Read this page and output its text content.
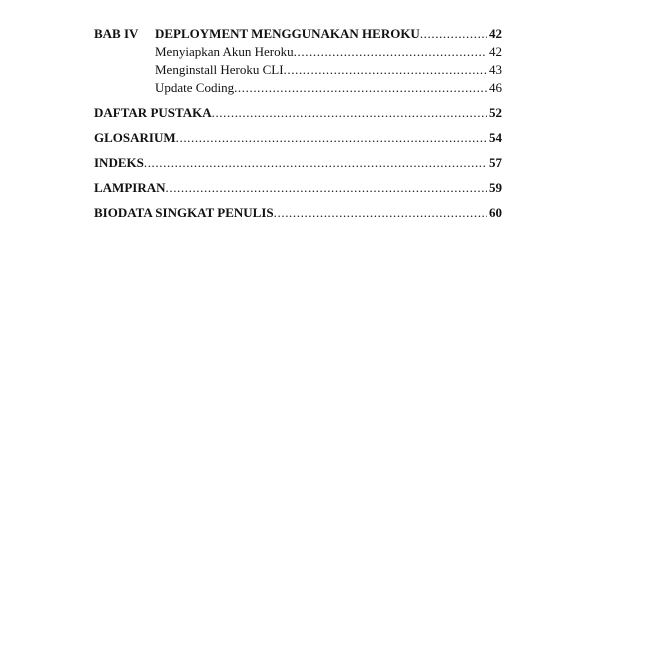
BAB IV	DEPLOYMENT MENGGUNAKAN HEROKU .....	42
Menyiapkan Akun Heroku .....	42
Menginstall Heroku CLI .....	43
Update Coding .....	46
DAFTAR PUSTAKA .....	52
GLOSARIUM .....	54
INDEKS .....	57
LAMPIRAN .....	59
BIODATA SINGKAT PENULIS .....	60
